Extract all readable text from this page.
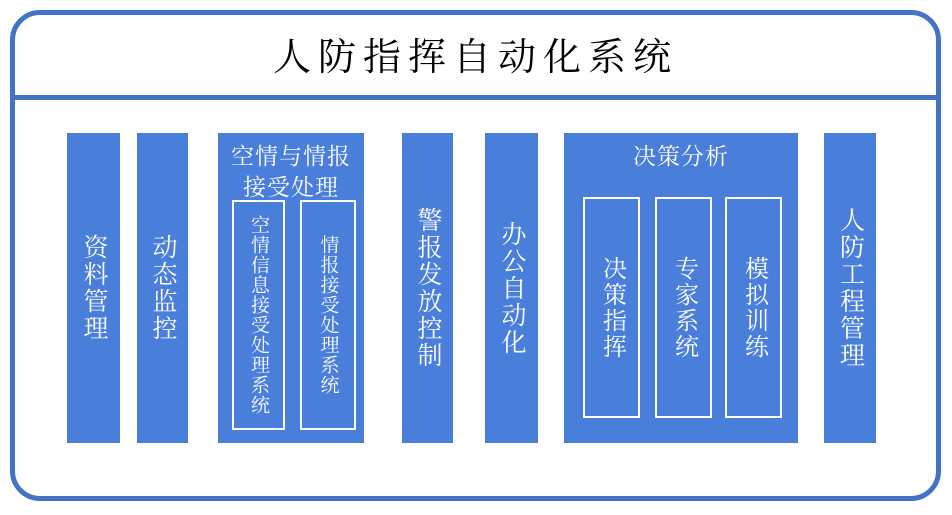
人防指挥自动化系统
资料管理 动态监控
空情与情报接受处理
空情信息接受处理系统	情报接受处理系统	警报发放控制 办公自动化
决策分析
决策指挥 专家系统 模拟训练	人防工程管理
